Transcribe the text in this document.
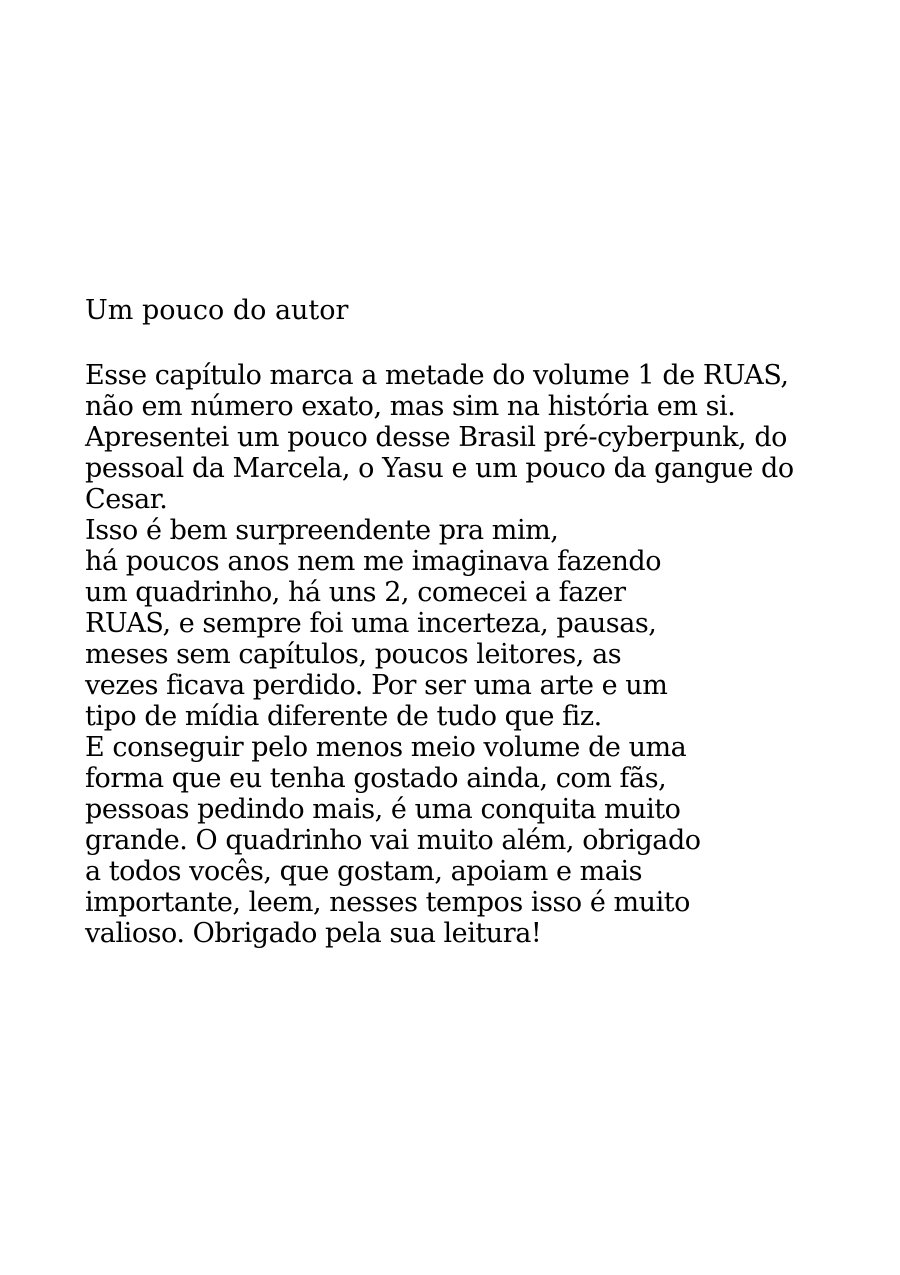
Um pouco do autor

Esse capítulo marca a metade do volume 1 de RUAS,
não em número exato, mas sim na história em si.
Apresentei um pouco desse Brasil pré-cyberpunk, do
pessoal da Marcela, o Yasu e um pouco da gangue do
Cesar.
Isso é bem surpreendente pra mim,
há poucos anos nem me imaginava fazendo
um quadrinho, há uns 2, comecei a fazer
RUAS, e sempre foi uma incerteza, pausas,
meses sem capítulos, poucos leitores, as
vezes ficava perdido. Por ser uma arte e um
tipo de mídia diferente de tudo que fiz.
E conseguir pelo menos meio volume de uma
forma que eu tenha gostado ainda, com fãs,
pessoas pedindo mais, é uma conquita muito
grande. O quadrinho vai muito além, obrigado
a todos vocês, que gostam, apoiam e mais
importante, leem, nesses tempos isso é muito
valioso. Obrigado pela sua leitura!
